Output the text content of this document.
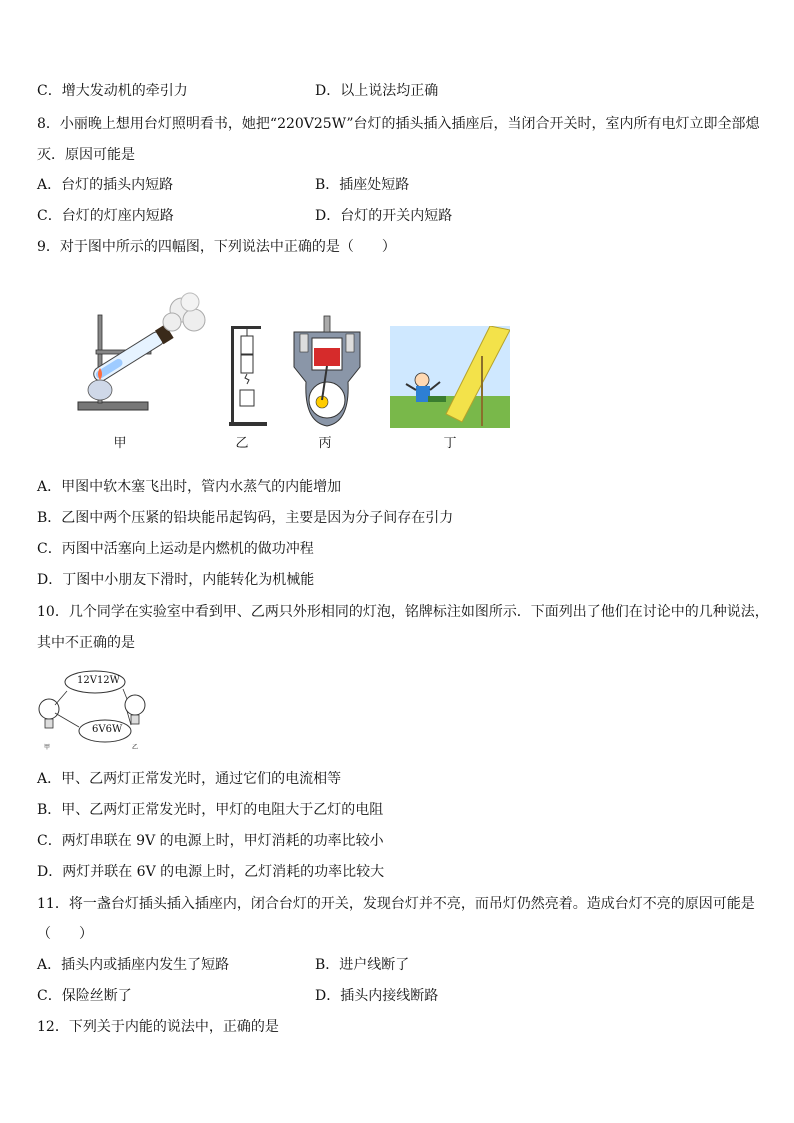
C．增大发动机的牵引力	D．以上说法均正确
8．小丽晚上想用台灯照明看书，她把“220V25W”台灯的插头插入插座后，当闭合开关时，室内所有电灯立即全部熄
灭．原因可能是
A．台灯的插头内短路	B．插座处短路
C．台灯的灯座内短路	D．台灯的开关内短路
9．对于图中所示的四幅图，下列说法中正确的是（　　）
甲	乙	丙	丁
A．甲图中软木塞飞出时，管内水蒸气的内能增加
B．乙图中两个压紧的铅块能吊起钩码，主要是因为分子间存在引力
C．丙图中活塞向上运动是内燃机的做功冲程
D．丁图中小朋友下滑时，内能转化为机械能
10．几个同学在实验室中看到甲、乙两只外形相同的灯泡，铭牌标注如图所示．下面列出了他们在讨论中的几种说法，
其中不正确的是
12V12W
6V6W
甲	乙
A．甲、乙两灯正常发光时，通过它们的电流相等
B．甲、乙两灯正常发光时，甲灯的电阻大于乙灯的电阻
C．两灯串联在 9V 的电源上时，甲灯消耗的功率比较小
D．两灯并联在 6V 的电源上时，乙灯消耗的功率比较大
11．将一盏台灯插头插入插座内，闭合台灯的开关，发现台灯并不亮，而吊灯仍然亮着。造成台灯不亮的原因可能是
（　　）
A．插头内或插座内发生了短路	B．进户线断了
C．保险丝断了	D．插头内接线断路
12．下列关于内能的说法中，正确的是
